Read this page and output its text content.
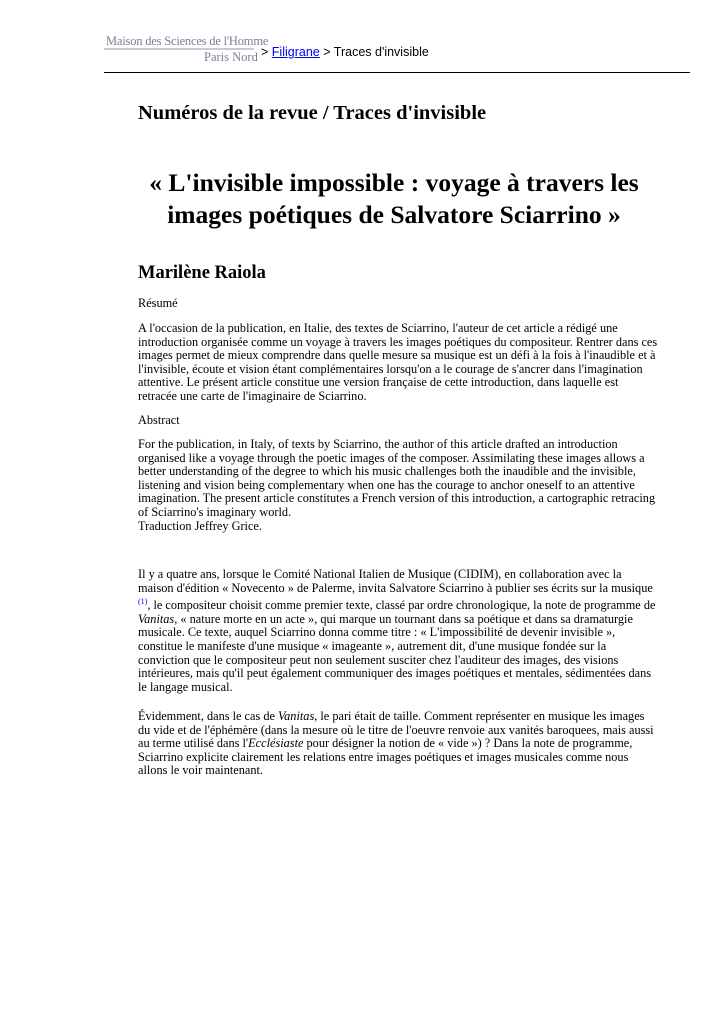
Maison des Sciences de l'Homme
Paris Nord > Filigrane > Traces d'invisible
Numéros de la revue / Traces d'invisible
« L'invisible impossible : voyage à travers les images poétiques de Salvatore Sciarrino »
Marilène Raiola
Résumé
A l'occasion de la publication, en Italie, des textes de Sciarrino, l'auteur de cet article a rédigé une introduction organisée comme un voyage à travers les images poétiques du compositeur. Rentrer dans ces images permet de mieux comprendre dans quelle mesure sa musique est un défi à la fois à l'inaudible et à l'invisible, écoute et vision étant complémentaires lorsqu'on a le courage de s'ancrer dans l'imagination attentive. Le présent article constitue une version française de cette introduction, dans laquelle est retracée une carte de l'imaginaire de Sciarrino.
Abstract
For the publication, in Italy, of texts by Sciarrino, the author of this article drafted an introduction organised like a voyage through the poetic images of the composer. Assimilating these images allows a better understanding of the degree to which his music challenges both the inaudible and the invisible, listening and vision being complementary when one has the courage to anchor oneself to an attentive imagination. The present article constitutes a French version of this introduction, a cartographic retracing of Sciarrino's imaginary world.
Traduction Jeffrey Grice.
Il y a quatre ans, lorsque le Comité National Italien de Musique (CIDIM), en collaboration avec la maison d'édition « Novecento » de Palerme, invita Salvatore Sciarrino à publier ses écrits sur la musique $^{(1)}$, le compositeur choisit comme premier texte, classé par ordre chronologique, la note de programme de Vanitas, « nature morte en un acte », qui marque un tournant dans sa poétique et dans sa dramaturgie musicale. Ce texte, auquel Sciarrino donna comme titre : « L'impossibilité de devenir invisible », constitue le manifeste d'une musique « imageante », autrement dit, d'une musique fondée sur la conviction que le compositeur peut non seulement susciter chez l'auditeur des images, des visions intérieures, mais qu'il peut également communiquer des images poétiques et mentales, sédimentées dans le langage musical.
Évidemment, dans le cas de Vanitas, le pari était de taille. Comment représenter en musique les images du vide et de l'éphémère (dans la mesure où le titre de l'oeuvre renvoie aux vanités baroquees, mais aussi au terme utilisé dans l'Ecclésiaste pour désigner la notion de « vide ») ? Dans la note de programme, Sciarrino explicite clairement les relations entre images poétiques et images musicales comme nous allons le voir maintenant.
